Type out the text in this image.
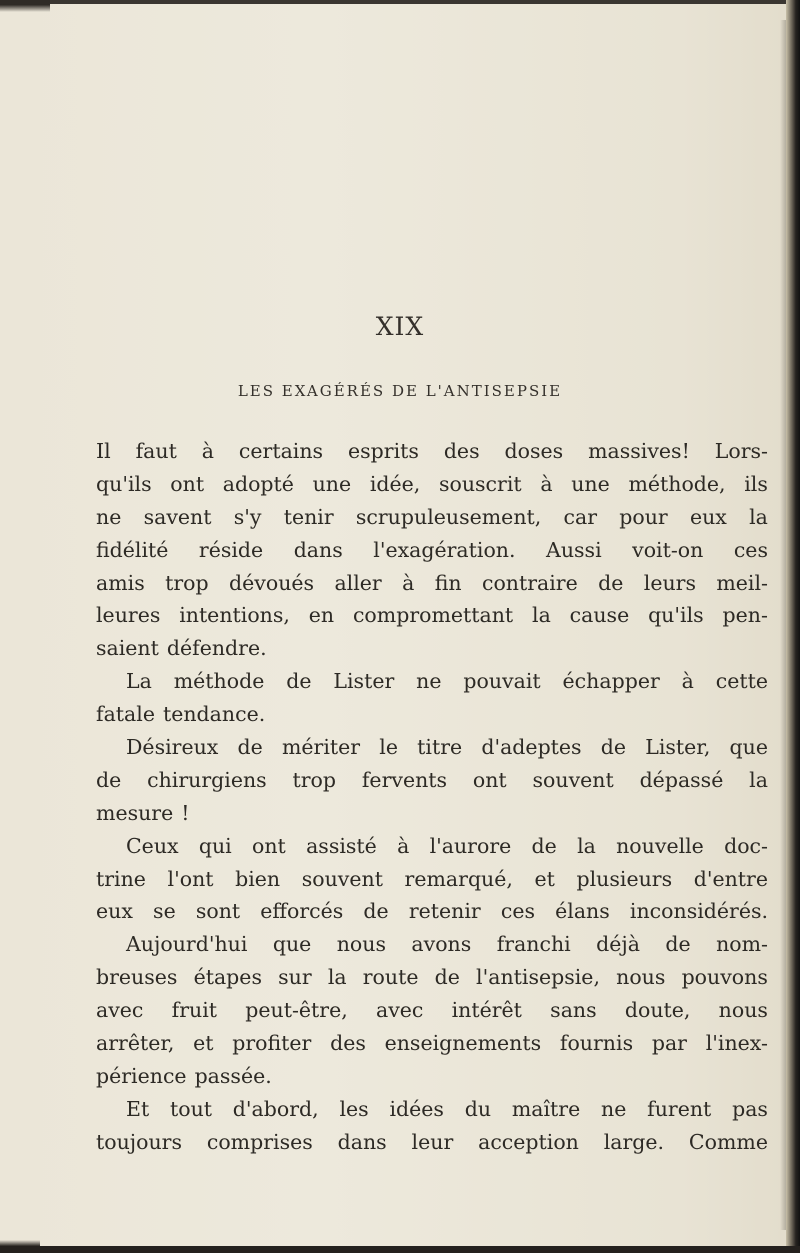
XIX
LES EXAGÉRÉS DE L'ANTISEPSIE
Il faut à certains esprits des doses massives! Lors-
qu'ils ont adopté une idée, souscrit à une méthode, ils
ne savent s'y tenir scrupuleusement, car pour eux la
fidélité réside dans l'exagération. Aussi voit-on ces
amis trop dévoués aller à fin contraire de leurs meil-
leures intentions, en compromettant la cause qu'ils pen-
saient défendre.
La méthode de Lister ne pouvait échapper à cette
fatale tendance.
Désireux de mériter le titre d'adeptes de Lister, que
de chirurgiens trop fervents ont souvent dépassé la
mesure !
Ceux qui ont assisté à l'aurore de la nouvelle doc-
trine l'ont bien souvent remarqué, et plusieurs d'entre
eux se sont efforcés de retenir ces élans inconsidérés.
Aujourd'hui que nous avons franchi déjà de nom-
breuses étapes sur la route de l'antisepsie, nous pouvons
avec fruit peut-être, avec intérêt sans doute, nous
arrêter, et profiter des enseignements fournis par l'inex-
périence passée.
Et tout d'abord, les idées du maître ne furent pas
toujours comprises dans leur acception large. Comme
